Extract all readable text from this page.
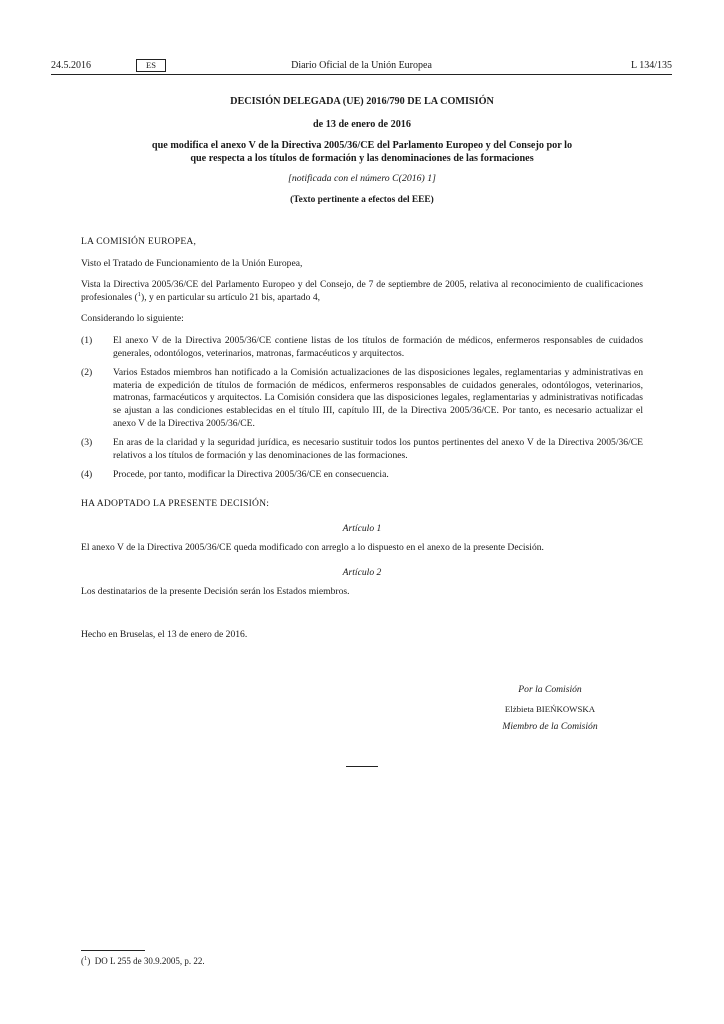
24.5.2016	ES	Diario Oficial de la Unión Europea	L 134/135

DECISIÓN DELEGADA (UE) 2016/790 DE LA COMISIÓN

de 13 de enero de 2016

que modifica el anexo V de la Directiva 2005/36/CE del Parlamento Europeo y del Consejo por lo
que respecta a los títulos de formación y las denominaciones de las formaciones

[notificada con el número C(2016) 1]

(Texto pertinente a efectos del EEE)

LA COMISIÓN EUROPEA,

Visto el Tratado de Funcionamiento de la Unión Europea,

Vista la Directiva 2005/36/CE del Parlamento Europeo y del Consejo, de 7 de septiembre de 2005, relativa al reconocimiento de cualificaciones profesionales ($^1$), y en particular su artículo 21 bis, apartado 4,

Considerando lo siguiente:

(1)	El anexo V de la Directiva 2005/36/CE contiene listas de los títulos de formación de médicos, enfermeros responsables de cuidados generales, odontólogos, veterinarios, matronas, farmacéuticos y arquitectos.
(2)	Varios Estados miembros han notificado a la Comisión actualizaciones de las disposiciones legales, reglamentarias y administrativas en materia de expedición de títulos de formación de médicos, enfermeros responsables de cuidados generales, odontólogos, veterinarios, matronas, farmacéuticos y arquitectos. La Comisión considera que las disposiciones legales, reglamentarias y administrativas notificadas se ajustan a las condiciones establecidas en el título III, capítulo III, de la Directiva 2005/36/CE. Por tanto, es necesario actualizar el anexo V de la Directiva 2005/36/CE.
(3)	En aras de la claridad y la seguridad jurídica, es necesario sustituir todos los puntos pertinentes del anexo V de la Directiva 2005/36/CE relativos a los títulos de formación y las denominaciones de las formaciones.
(4)	Procede, por tanto, modificar la Directiva 2005/36/CE en consecuencia.

HA ADOPTADO LA PRESENTE DECISIÓN:

Artículo 1

El anexo V de la Directiva 2005/36/CE queda modificado con arreglo a lo dispuesto en el anexo de la presente Decisión.

Artículo 2

Los destinatarios de la presente Decisión serán los Estados miembros.

Hecho en Bruselas, el 13 de enero de 2016.

Por la Comisión
Elżbieta BIEŃKOWSKA
Miembro de la Comisión
($^1$)  DO L 255 de 30.9.2005, p. 22.
